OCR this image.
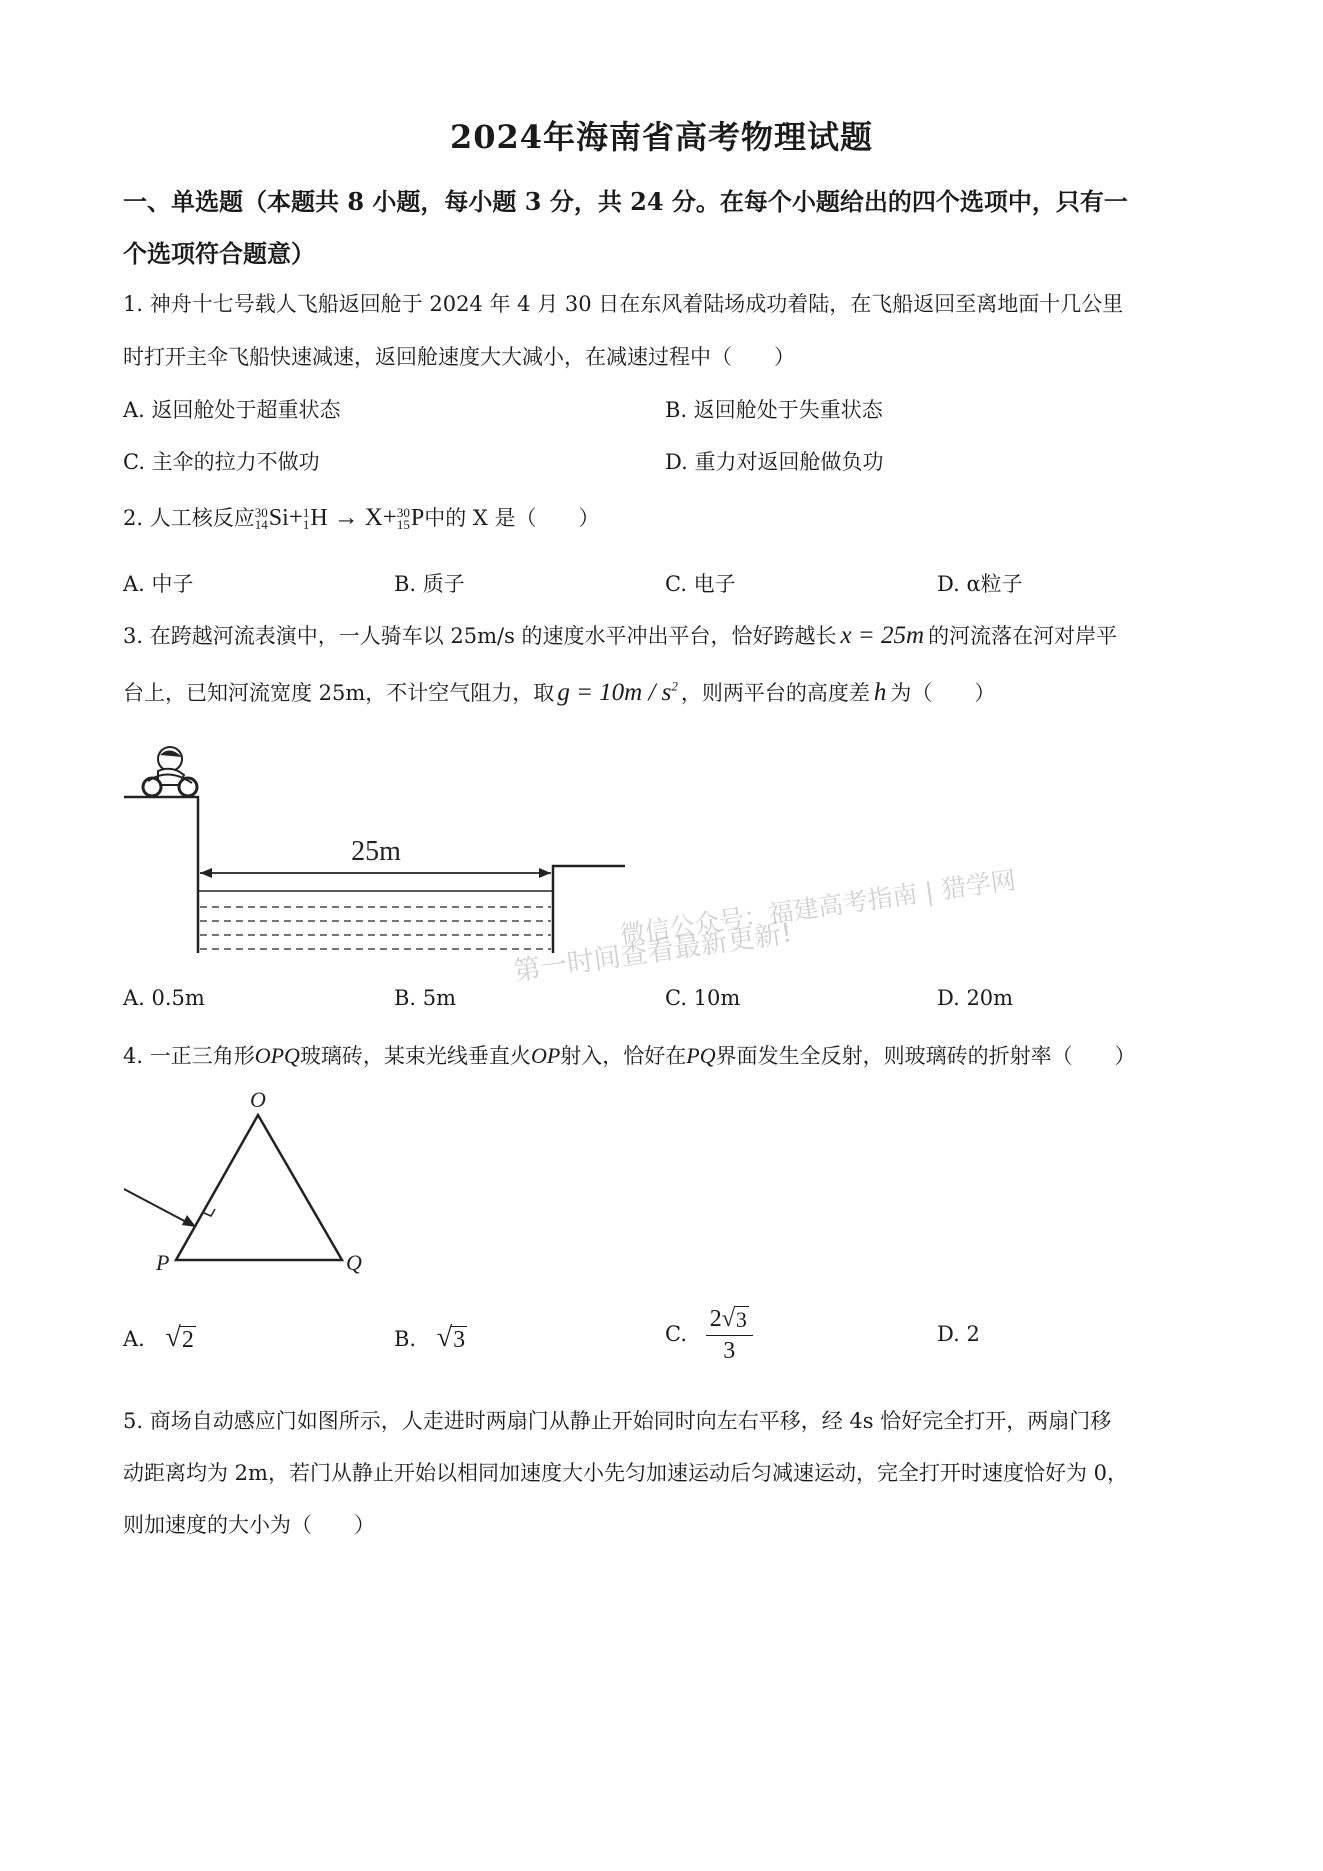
2024年海南省高考物理试题
一、单选题（本题共 8 小题，每小题 3 分，共 24 分。在每个小题给出的四个选项中，只有一
个选项符合题意）
1. 神舟十七号载人飞船返回舱于 2024 年 4 月 30 日在东风着陆场成功着陆，在飞船返回至离地面十几公里
时打开主伞飞船快速减速，返回舱速度大大减小，在减速过程中（　　）
A. 返回舱处于超重状态	B. 返回舱处于失重状态
C. 主伞的拉力不做功	D. 重力对返回舱做负功
2. 人工核反应 30
14 Si+ 1
1 H → X+ 30
15 P中的 X 是（　　）
A. 中子	B. 质子	C. 电子	D. α粒子
3. 在跨越河流表演中，一人骑车以 25m/s 的速度水平冲出平台，恰好跨越长 x = 25m 的河流落在河对岸平
台上，已知河流宽度 25m，不计空气阻力，取 $g = 10m / s^2$ ，则两平台的高度差 h 为（　　）
25m
微信公众号：福建高考指南 | 猎学网
第一时间查看最新更新!
A. 0.5m	B. 5m	C. 10m	D. 20m
4. 一正三角形OPQ玻璃砖，某束光线垂直火OP射入，恰好在PQ界面发生全反射，则玻璃砖的折射率（　　）
O
P	Q
A. √ 2	B. √ 3	C. $\frac{2 √ 3}{3}$	D. 2
5. 商场自动感应门如图所示，人走进时两扇门从静止开始同时向左右平移，经 4s 恰好完全打开，两扇门移
动距离均为 2m，若门从静止开始以相同加速度大小先匀加速运动后匀减速运动，完全打开时速度恰好为 0，
则加速度的大小为（　　）
